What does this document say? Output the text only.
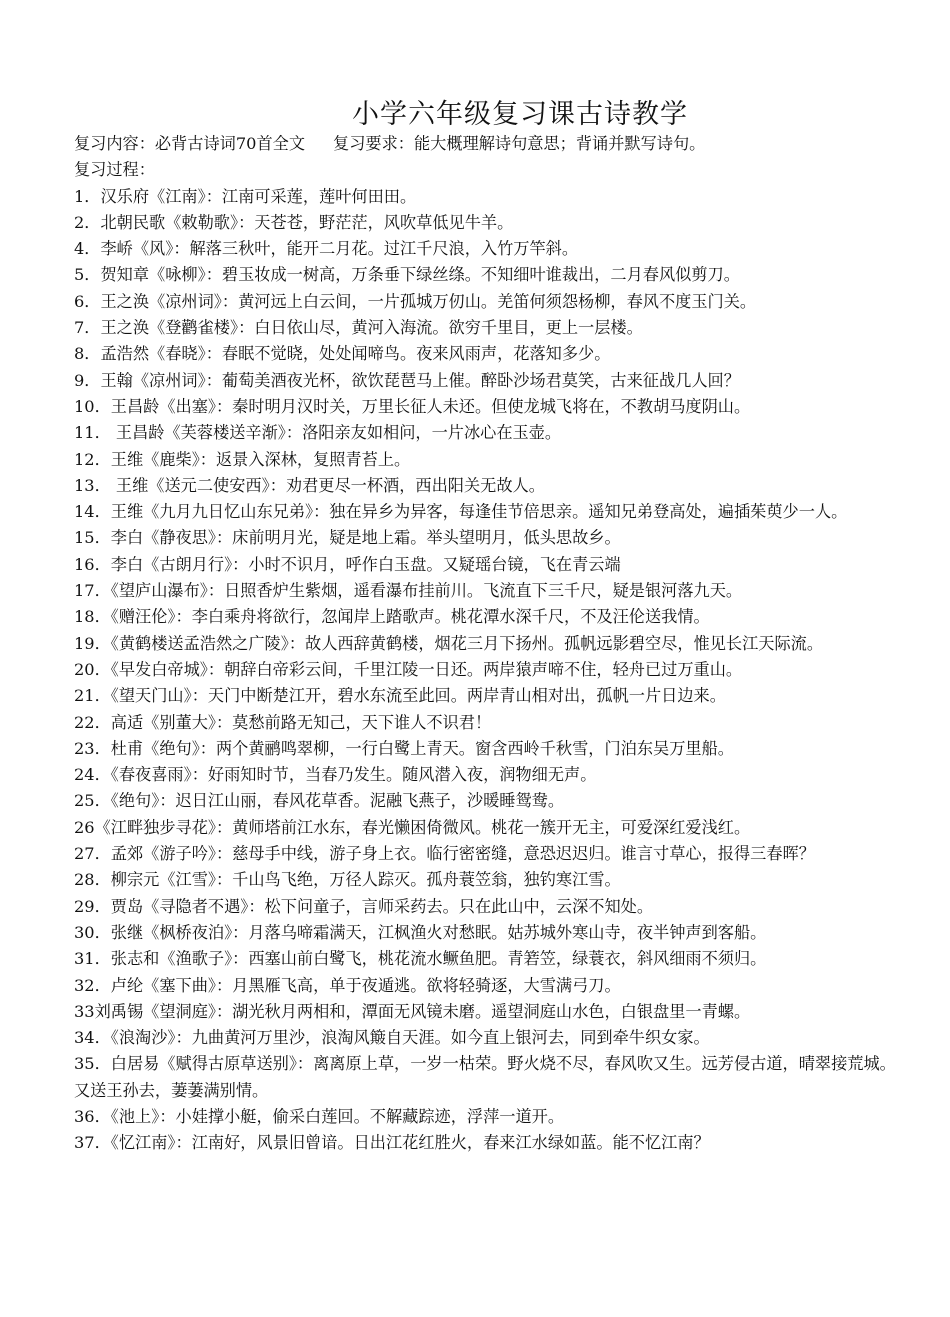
小学六年级复习课古诗教学
复习内容：必背古诗词70首全文 复习要求：能大概理解诗句意思；背诵并默写诗句。
复习过程：
1．汉乐府《江南》：江南可采莲，莲叶何田田。
2．北朝民歌《敕勒歌》：天苍苍，野茫茫，风吹草低见牛羊。
4．李峤《风》：解落三秋叶，能开二月花。过江千尺浪，入竹万竿斜。
5．贺知章《咏柳》：碧玉妆成一树高，万条垂下绿丝绦。不知细叶谁裁出，二月春风似剪刀。
6．王之涣《凉州词》：黄河远上白云间，一片孤城万仞山。羌笛何须怨杨柳，春风不度玉门关。
7．王之涣《登鹳雀楼》：白日依山尽，黄河入海流。欲穷千里目，更上一层楼。
8．孟浩然《春晓》：春眠不觉晓，处处闻啼鸟。夜来风雨声，花落知多少。
9．王翰《凉州词》：葡萄美酒夜光杯，欲饮琵琶马上催。醉卧沙场君莫笑，古来征战几人回？
10．王昌龄《出塞》：秦时明月汉时关，万里长征人未还。但使龙城飞将在，不教胡马度阴山。
11． 王昌龄《芙蓉楼送辛渐》：洛阳亲友如相问，一片冰心在玉壶。
12．王维《鹿柴》：返景入深林，复照青苔上。
13． 王维《送元二使安西》：劝君更尽一杯酒，西出阳关无故人。
14．王维《九月九日忆山东兄弟》：独在异乡为异客，每逢佳节倍思亲。遥知兄弟登高处，遍插茱萸少一人。
15．李白《静夜思》：床前明月光，疑是地上霜。举头望明月，低头思故乡。
16．李白《古朗月行》：小时不识月，呼作白玉盘。又疑瑶台镜，飞在青云端
17．《望庐山瀑布》：日照香炉生紫烟，遥看瀑布挂前川。飞流直下三千尺，疑是银河落九天。
18．《赠汪伦》：李白乘舟将欲行，忽闻岸上踏歌声。桃花潭水深千尺，不及汪伦送我情。
19．《黄鹤楼送孟浩然之广陵》：故人西辞黄鹤楼，烟花三月下扬州。孤帆远影碧空尽，惟见长江天际流。
20．《早发白帝城》：朝辞白帝彩云间，千里江陵一日还。两岸猿声啼不住，轻舟已过万重山。
21．《望天门山》：天门中断楚江开，碧水东流至此回。两岸青山相对出，孤帆一片日边来。
22．高适《别董大》：莫愁前路无知己，天下谁人不识君！
23．杜甫《绝句》：两个黄鹂鸣翠柳，一行白鹭上青天。窗含西岭千秋雪，门泊东吴万里船。
24．《春夜喜雨》：好雨知时节，当春乃发生。随风潜入夜，润物细无声。
25．《绝句》：迟日江山丽，春风花草香。泥融飞燕子，沙暖睡鸳鸯。
26《江畔独步寻花》：黄师塔前江水东，春光懒困倚微风。桃花一簇开无主，可爱深红爱浅红。
27．孟郊《游子吟》：慈母手中线，游子身上衣。临行密密缝，意恐迟迟归。谁言寸草心，报得三春晖？
28．柳宗元《江雪》：千山鸟飞绝，万径人踪灭。孤舟蓑笠翁，独钓寒江雪。
29．贾岛《寻隐者不遇》：松下问童子，言师采药去。只在此山中，云深不知处。
30．张继《枫桥夜泊》：月落乌啼霜满天，江枫渔火对愁眠。姑苏城外寒山寺，夜半钟声到客船。
31．张志和《渔歌子》：西塞山前白鹭飞，桃花流水鳜鱼肥。青箬笠，绿蓑衣，斜风细雨不须归。
32．卢纶《塞下曲》：月黑雁飞高，单于夜遁逃。欲将轻骑逐，大雪满弓刀。
33刘禹锡《望洞庭》：湖光秋月两相和，潭面无风镜未磨。遥望洞庭山水色，白银盘里一青螺。
34．《浪淘沙》：九曲黄河万里沙，浪淘风簸自天涯。如今直上银河去，同到牵牛织女家。
35．白居易《赋得古原草送别》：离离原上草，一岁一枯荣。野火烧不尽，春风吹又生。远芳侵古道，晴翠接荒城。又送王孙去，萋萋满别情。
36．《池上》：小娃撑小艇，偷采白莲回。不解藏踪迹，浮萍一道开。
37．《忆江南》：江南好，风景旧曾谙。日出江花红胜火，春来江水绿如蓝。能不忆江南？
